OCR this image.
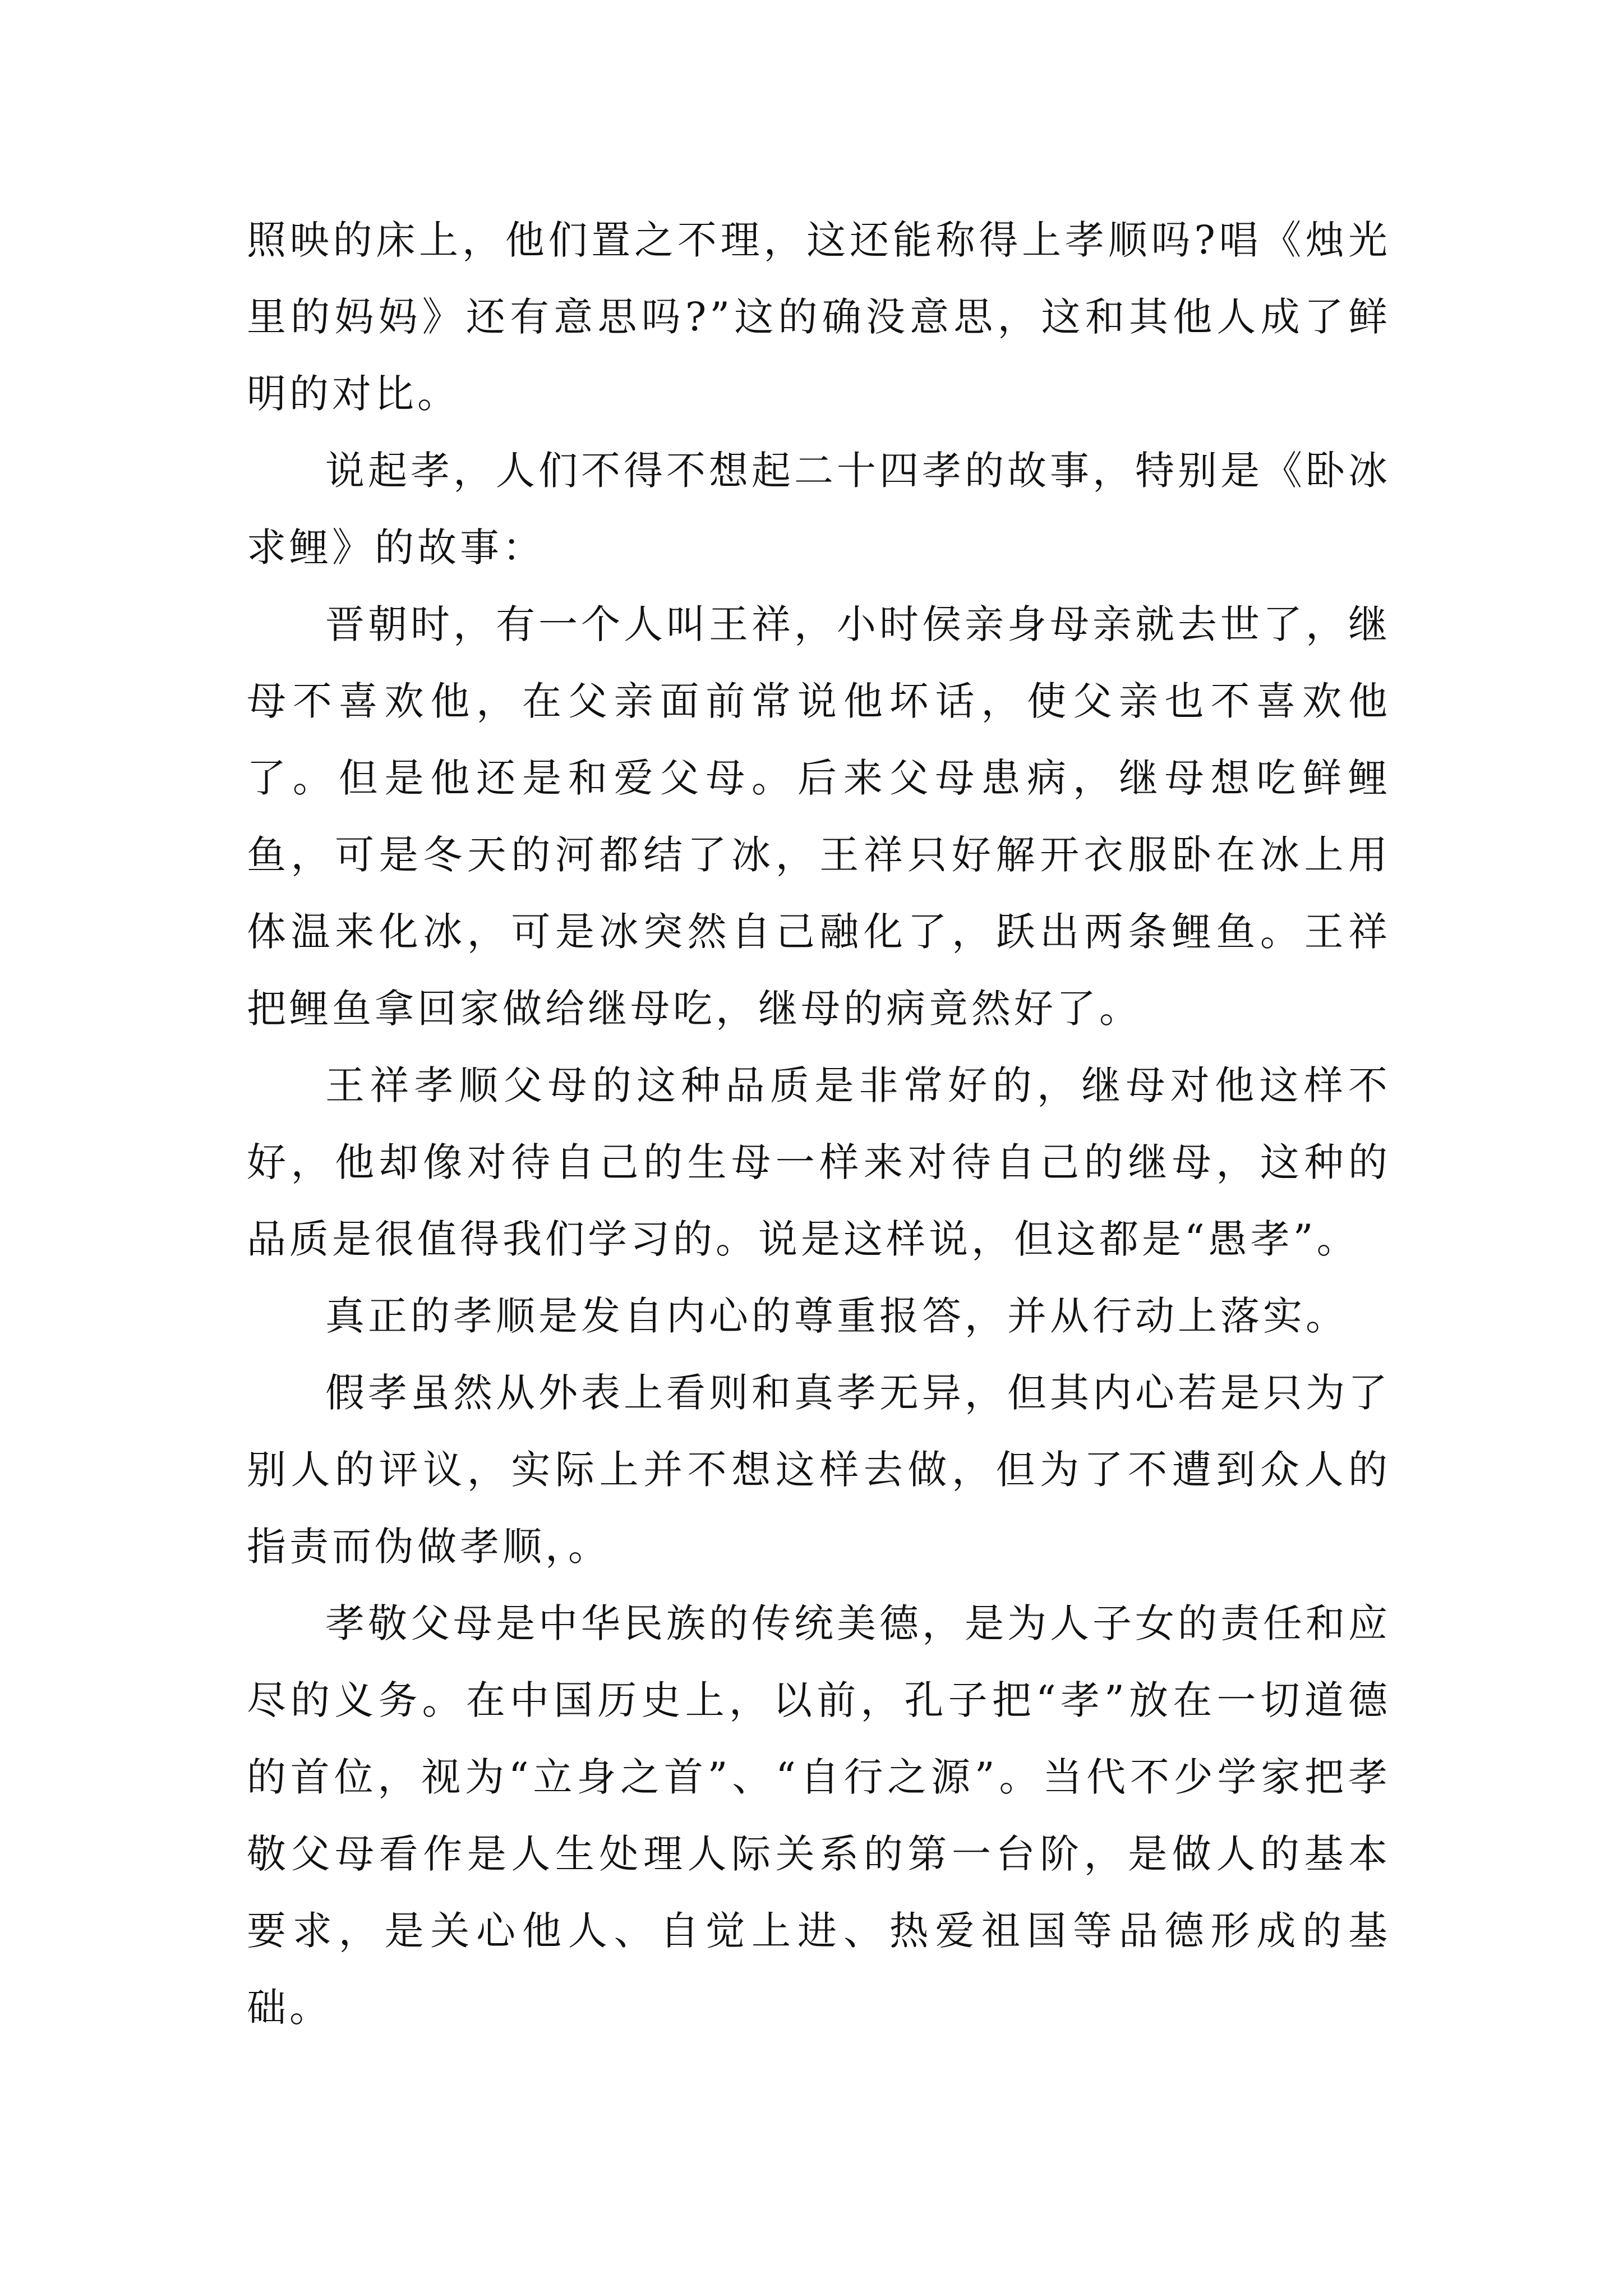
照映的床上，他们置之不理，这还能称得上孝顺吗?唱《烛光里的妈妈》还有意思吗?”这的确没意思，这和其他人成了鲜明的对比。

说起孝，人们不得不想起二十四孝的故事，特别是《卧冰求鲤》的故事：

晋朝时，有一个人叫王祥，小时侯亲身母亲就去世了，继母不喜欢他，在父亲面前常说他坏话，使父亲也不喜欢他了。但是他还是和爱父母。后来父母患病，继母想吃鲜鲤鱼，可是冬天的河都结了冰，王祥只好解开衣服卧在冰上用体温来化冰，可是冰突然自己融化了，跃出两条鲤鱼。王祥把鲤鱼拿回家做给继母吃，继母的病竟然好了。

王祥孝顺父母的这种品质是非常好的，继母对他这样不好，他却像对待自己的生母一样来对待自己的继母，这种的品质是很值得我们学习的。说是这样说，但这都是“愚孝”。

真正的孝顺是发自内心的尊重报答，并从行动上落实。

假孝虽然从外表上看则和真孝无异，但其内心若是只为了别人的评议，实际上并不想这样去做，但为了不遭到众人的指责而伪做孝顺，。

孝敬父母是中华民族的传统美德，是为人子女的责任和应尽的义务。在中国历史上，以前，孔子把“孝”放在一切道德的首位，视为“立身之首”、“自行之源”。当代不少学家把孝敬父母看作是人生处理人际关系的第一台阶，是做人的基本要求，是关心他人、自觉上进、热爱祖国等品德形成的基础。
